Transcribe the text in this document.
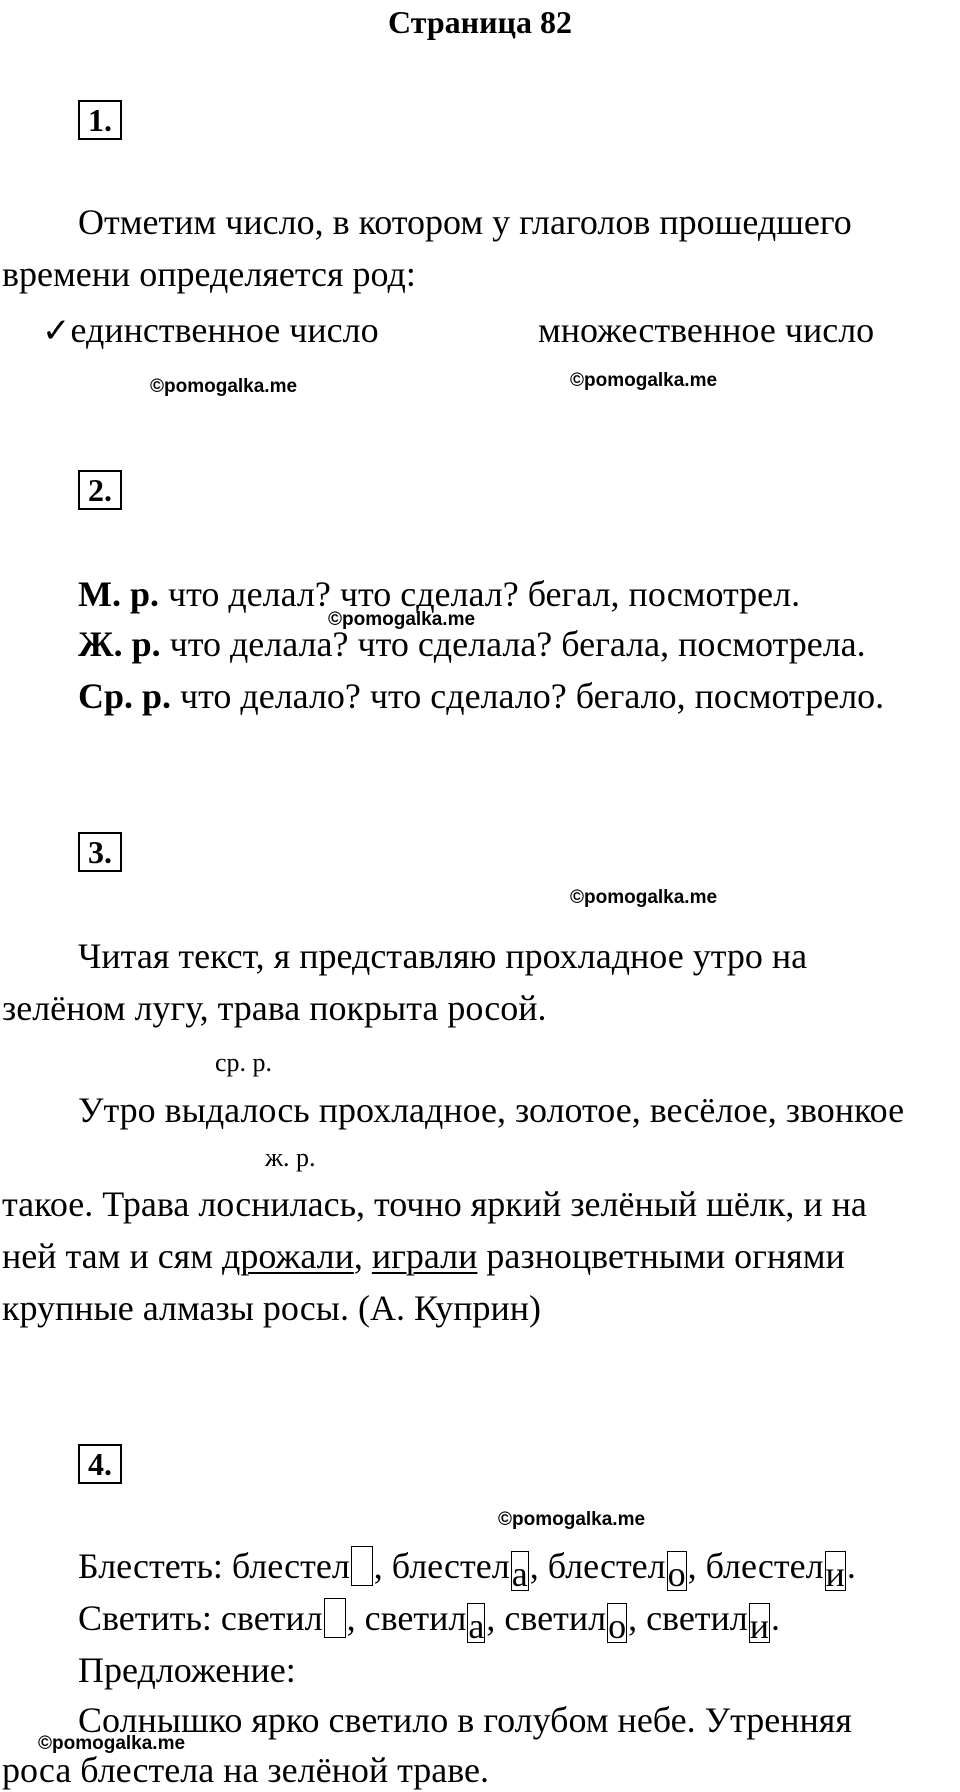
Страница 82
1.
Отметим число, в котором у глаголов прошедшего
времени определяется род:
✓единственное число	множественное число
©pomogalka.me	©pomogalka.me
2.
М. р. что делал? что сделал? бегал, посмотрел.
©pomogalka.me
Ж. р. что делала? что сделала? бегала, посмотрела.
Ср. р. что делало? что сделало? бегало, посмотрело.
3.
©pomogalka.me
Читая текст, я представляю прохладное утро на
зелёном лугу, трава покрыта росой.
ср. р.
Утро выдалось прохладное, золотое, весёлое, звонкое
ж. р.
такое. Трава лоснилась, точно яркий зелёный шёлк, и на
ней там и сям дрожали, играли разноцветными огнями
крупные алмазы росы. (А. Куприн)
4.
©pomogalka.me
Блестеть: блестел , блестела, блестело, блестели.
Светить: светил , светила, светило, светили.
Предложение:
Солнышко ярко светило в голубом небе. Утренняя
©pomogalka.me
роса блестела на зелёной траве.
